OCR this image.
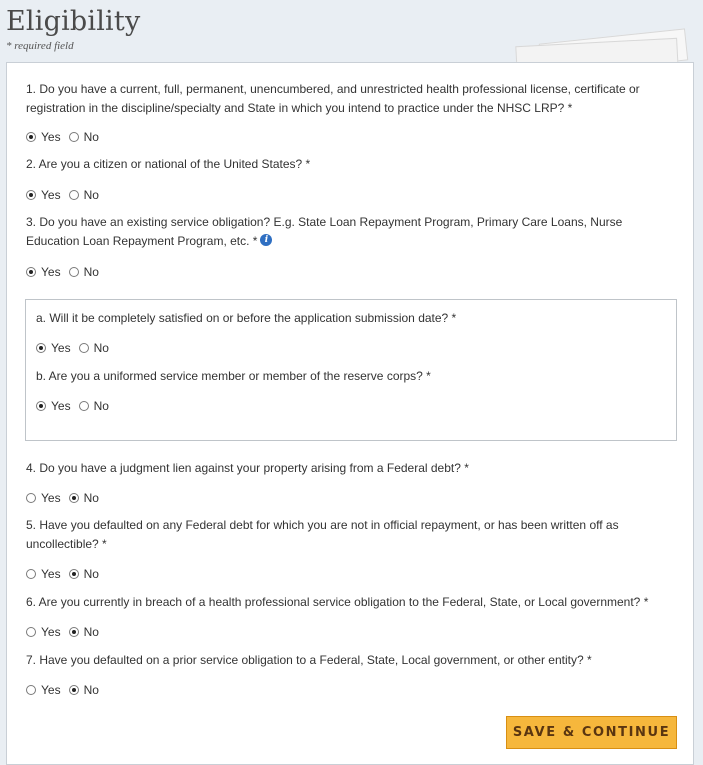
Eligibility
* required field
1. Do you have a current, full, permanent, unencumbered, and unrestricted health professional license, certificate or registration in the discipline/specialty and State in which you intend to practice under the NHSC LRP? *
Yes No
2. Are you a citizen or national of the United States? *
Yes No
3. Do you have an existing service obligation? E.g. State Loan Repayment Program, Primary Care Loans, Nurse Education Loan Repayment Program, etc. * i
Yes No
a. Will it be completely satisfied on or before the application submission date? *
Yes No
b. Are you a uniformed service member or member of the reserve corps? *
Yes No
4. Do you have a judgment lien against your property arising from a Federal debt? *
Yes No
5. Have you defaulted on any Federal debt for which you are not in official repayment, or has been written off as uncollectible? *
Yes No
6. Are you currently in breach of a health professional service obligation to the Federal, State, or Local government? *
Yes No
7. Have you defaulted on a prior service obligation to a Federal, State, Local government, or other entity? *
Yes No
SAVE & CONTINUE
